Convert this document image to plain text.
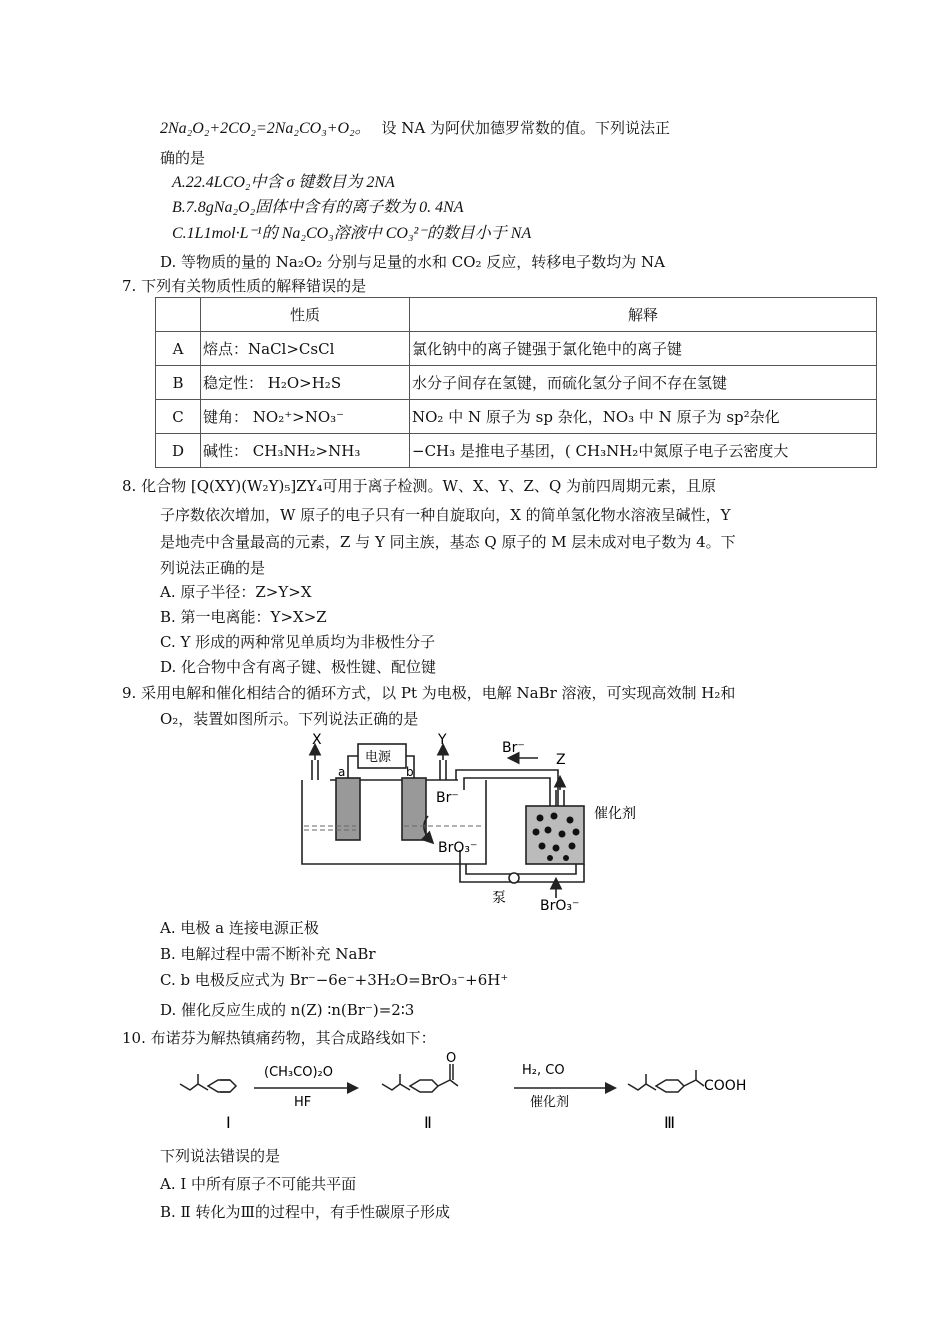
2Na₂O₂+2CO₂=2Na₂CO₃+O₂。 设 NA 为阿伏加德罗常数的值。下列说法正
确的是
A.22.4LCO₂中含 σ 键数目为 2NA
B.7.8gNa₂O₂固体中含有的离子数为 0. 4NA
C.1L1mol·L⁻¹的 Na₂CO₃溶液中 CO₃²⁻的数目小于 NA
D. 等物质的量的 Na₂O₂ 分别与足量的水和 CO₂ 反应，转移电子数均为 NA
7. 下列有关物质性质的解释错误的是
	性质	解释
A	熔点：NaCl>CsCl	氯化钠中的离子键强于氯化铯中的离子键
B	稳定性： H₂O>H₂S	水分子间存在氢键，而硫化氢分子间不存在氢键
C	键角： NO₂⁺>NO₃⁻	NO₂ 中 N 原子为 sp 杂化，NO₃ 中 N 原子为 sp²杂化
D	碱性： CH₃NH₂>NH₃	−CH₃ 是推电子基团，( CH₃NH₂中氮原子电子云密度大
8. 化合物 [Q(XY)(W₂Y)₅]ZY₄可用于离子检测。W、X、Y、Z、Q 为前四周期元素，且原
子序数依次增加，W 原子的电子只有一种自旋取向，X 的简单氢化物水溶液呈碱性，Y
是地壳中含量最高的元素，Z 与 Y 同主族，基态 Q 原子的 M 层未成对电子数为 4。下
列说法正确的是
A. 原子半径：Z>Y>X
B. 第一电离能：Y>X>Z
C. Y 形成的两种常见单质均为非极性分子
D. 化合物中含有离子键、极性键、配位键
9. 采用电解和催化相结合的循环方式，以 Pt 为电极，电解 NaBr 溶液，可实现高效制 H₂和
O₂，装置如图所示。下列说法正确的是
电源
X	Y
Z
a	b
Br⁻
Br⁻
BrO₃⁻
BrO₃⁻
催化剂
泵
A. 电极 a 连接电源正极
B. 电解过程中需不断补充 NaBr
C. b 电极反应式为 Br⁻−6e⁻+3H₂O=BrO₃⁻+6H⁺
D. 催化反应生成的 n(Z) ∶n(Br⁻)=2∶3
10. 布诺芬为解热镇痛药物，其合成路线如下：
(CH₃CO)₂O
HF
H₂, CO
催化剂
O
COOH
Ⅰ	Ⅱ	Ⅲ
下列说法错误的是
A. Ⅰ 中所有原子不可能共平面
B. Ⅱ 转化为Ⅲ的过程中，有手性碳原子形成
